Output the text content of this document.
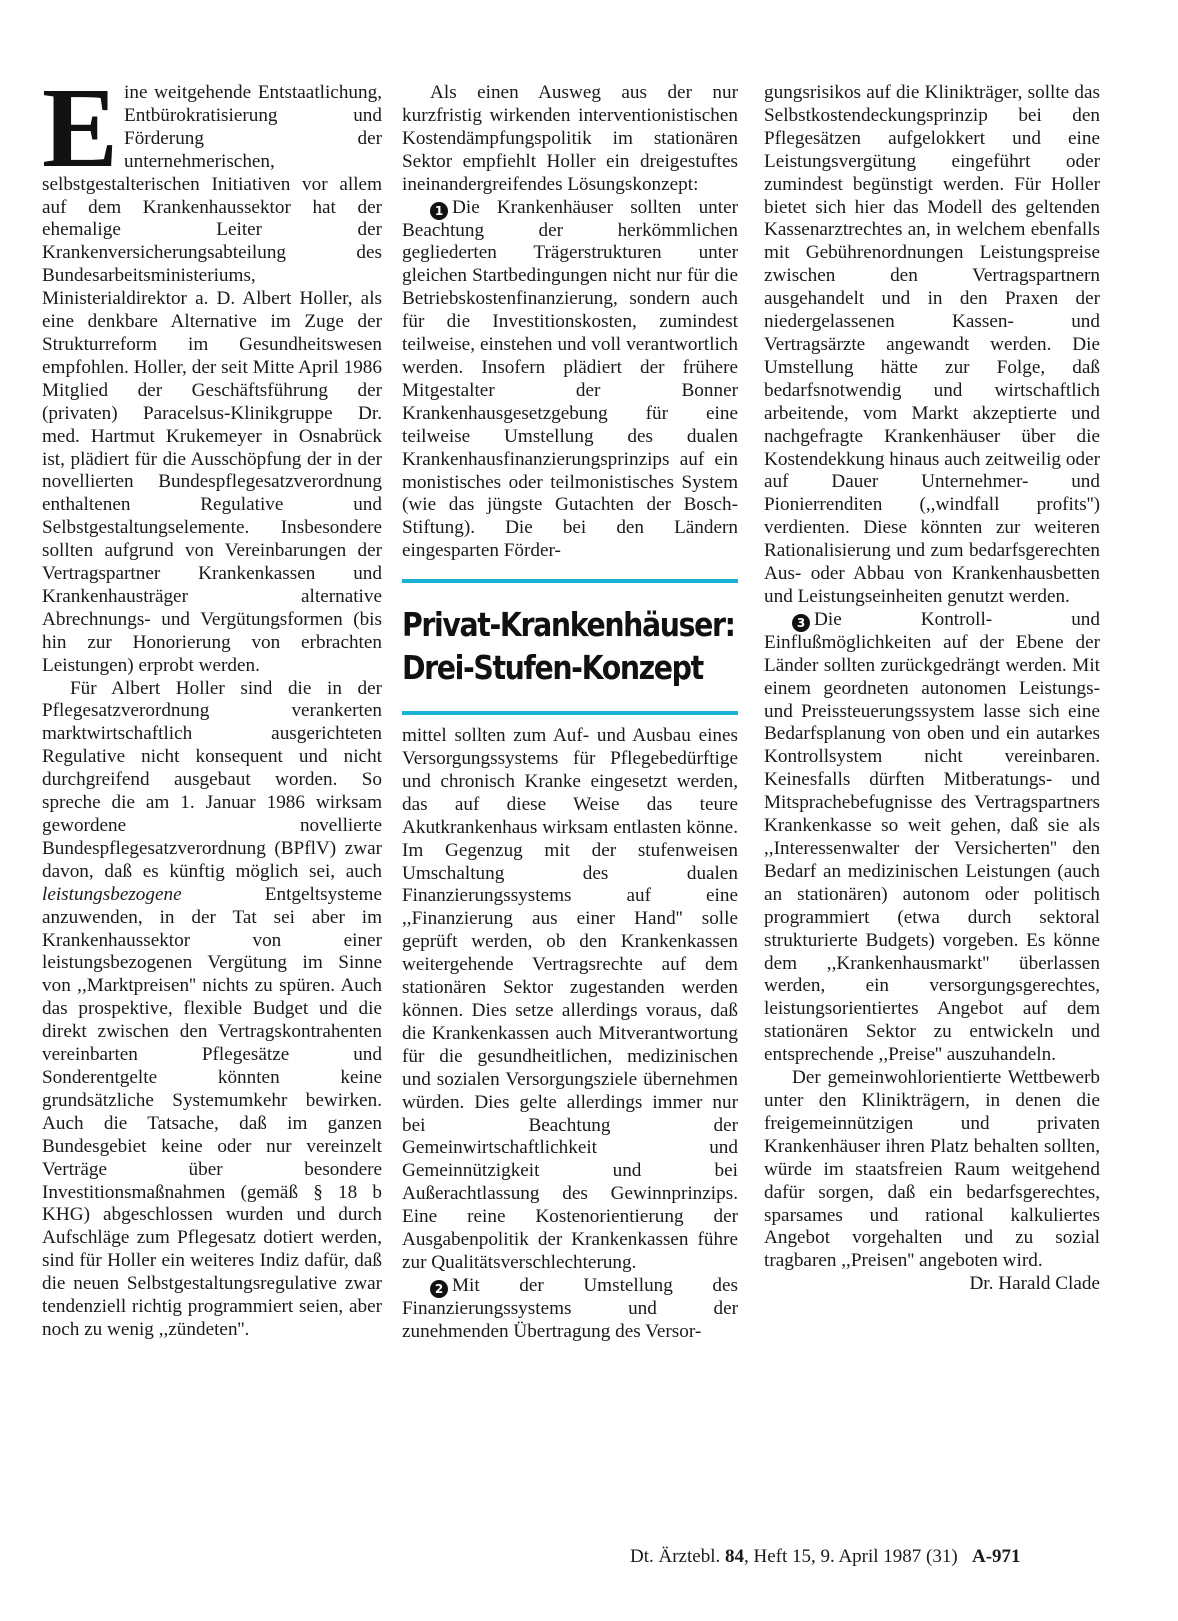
E ine weitgehende Entstaatlichung, Entbürokratisierung und Förderung der unternehmerischen, selbstgestalterischen Initiativen vor allem auf dem Krankenhaussektor hat der ehemalige Leiter der Krankenversicherungsabteilung des Bundesarbeitsministeriums, Ministerialdirektor a. D. Albert Holler, als eine denkbare Alternative im Zuge der Strukturreform im Gesundheitswesen empfohlen. Holler, der seit Mitte April 1986 Mitglied der Geschäftsführung der (privaten) Paracelsus-Klinikgruppe Dr. med. Hartmut Krukemeyer in Osnabrück ist, plädiert für die Ausschöpfung der in der novellierten Bundespflegesatzverordnung enthaltenen Regulative und Selbstgestaltungselemente. Insbesondere sollten aufgrund von Vereinbarungen der Vertragspartner Krankenkassen und Krankenhausträger alternative Abrechnungs- und Vergütungsformen (bis hin zur Honorierung von erbrachten Leistungen) erprobt werden.

Für Albert Holler sind die in der Pflegesatzverordnung verankerten marktwirtschaftlich ausgerichteten Regulative nicht konsequent und nicht durchgreifend ausgebaut worden. So spreche die am 1. Januar 1986 wirksam gewordene novellierte Bundespflegesatzverordnung (BPflV) zwar davon, daß es künftig möglich sei, auch leistungsbezogene	Entgeltsysteme anzuwenden, in der Tat sei aber im Krankenhaussektor von einer leistungsbezogenen Vergütung im Sinne von ,,Marktpreisen'' nichts zu spüren. Auch das prospektive, flexible Budget und die direkt zwischen den Vertragskontrahenten vereinbarten Pflegesätze und Sonderentgelte könnten keine grundsätzliche Systemumkehr bewirken. Auch die Tatsache, daß im ganzen Bundesgebiet keine oder nur vereinzelt Verträge über besondere Investitionsmaßnahmen (gemäß § 18 b KHG) abgeschlossen wurden und durch Aufschläge zum Pflegesatz dotiert werden, sind für Holler ein weiteres Indiz dafür, daß die neuen Selbstgestaltungsregulative zwar tendenziell richtig programmiert seien, aber noch zu wenig ,,zündeten''.

Als einen Ausweg aus der nur kurzfristig wirkenden interventionistischen Kostendämpfungspolitik im stationären Sektor empfiehlt Holler ein dreigestuftes ineinandergreifendes Lösungskonzept:

1 Die Krankenhäuser sollten unter Beachtung der herkömmlichen gegliederten Trägerstrukturen unter gleichen Startbedingungen nicht nur für die Betriebskostenfinanzierung, sondern auch für die Investitionskosten, zumindest teilweise, einstehen und voll verantwortlich werden. Insofern plädiert der frühere Mitgestalter der Bonner Krankenhausgesetzgebung für eine teilweise Umstellung des dualen Krankenhausfinanzierungsprinzips auf ein monistisches oder teilmonistisches System (wie das jüngste Gutachten der Bosch-Stiftung). Die bei den Ländern eingesparten Förder-

Privat-Krankenhäuser:
Drei-Stufen-Konzept

mittel sollten zum Auf- und Ausbau eines Versorgungssystems für Pflegebedürftige und chronisch Kranke eingesetzt werden, das auf diese Weise das teure Akutkrankenhaus wirksam entlasten könne. Im Gegenzug mit der stufenweisen Umschaltung des dualen Finanzierungssystems auf eine ,,Finanzierung aus einer Hand'' solle geprüft werden, ob den Krankenkassen weitergehende Vertragsrechte auf dem stationären Sektor zugestanden werden können. Dies setze allerdings voraus, daß die Krankenkassen auch Mitverantwortung für die gesundheitlichen, medizinischen und sozialen Versorgungsziele übernehmen würden. Dies gelte allerdings immer nur bei Beachtung der Gemeinwirtschaftlichkeit und Gemeinnützigkeit und bei Außerachtlassung des Gewinnprinzips. Eine reine Kostenorientierung der Ausgabenpolitik der Krankenkassen führe zur Qualitätsverschlechterung.

2 Mit der Umstellung des Finanzierungssystems und der zunehmenden Übertragung des Versor-

gungsrisikos auf die Klinikträger, sollte das Selbstkostendeckungsprinzip bei den Pflegesätzen aufgelokkert und eine Leistungsvergütung eingeführt oder zumindest begünstigt werden. Für Holler bietet sich hier das Modell des geltenden Kassenarztrechtes an, in welchem ebenfalls mit Gebührenordnungen Leistungspreise zwischen den Vertragspartnern ausgehandelt und in den Praxen der niedergelassenen Kassen- und Vertragsärzte angewandt werden. Die Umstellung hätte zur Folge, daß bedarfsnotwendig und wirtschaftlich arbeitende, vom Markt akzeptierte und nachgefragte Krankenhäuser über die Kostendekkung hinaus auch zeitweilig oder auf Dauer Unternehmer- und Pionierrenditen (,,windfall profits'') verdienten. Diese könnten zur weiteren Rationalisierung und zum bedarfsgerechten Aus- oder Abbau von Krankenhausbetten und Leistungseinheiten genutzt werden.

3 Die Kontroll- und Einflußmöglichkeiten auf der Ebene der Länder sollten zurückgedrängt werden. Mit einem geordneten autonomen Leistungs- und Preissteuerungssystem lasse sich eine Bedarfsplanung von oben und ein autarkes Kontrollsystem nicht vereinbaren. Keinesfalls dürften Mitberatungs- und Mitsprachebefugnisse des Vertragspartners Krankenkasse so weit gehen, daß sie als ,,Interessenwalter der Versicherten'' den Bedarf an medizinischen Leistungen (auch an stationären) autonom oder politisch programmiert (etwa durch sektoral strukturierte Budgets) vorgeben. Es könne dem ,,Krankenhausmarkt'' überlassen werden, ein versorgungsgerechtes, leistungsorientiertes Angebot auf dem stationären Sektor zu entwickeln und entsprechende ,,Preise'' auszuhandeln.

Der gemeinwohlorientierte Wettbewerb unter den Klinikträgern, in denen die freigemeinnützigen und privaten Krankenhäuser ihren Platz behalten sollten, würde im staatsfreien Raum weitgehend dafür sorgen, daß ein bedarfsgerechtes, sparsames und rational kalkuliertes Angebot vorgehalten und zu sozial tragbaren ,,Preisen'' angeboten wird.

Dr. Harald Clade

Dt. Ärztebl. 84, Heft 15, 9. April 1987 (31) A-971
